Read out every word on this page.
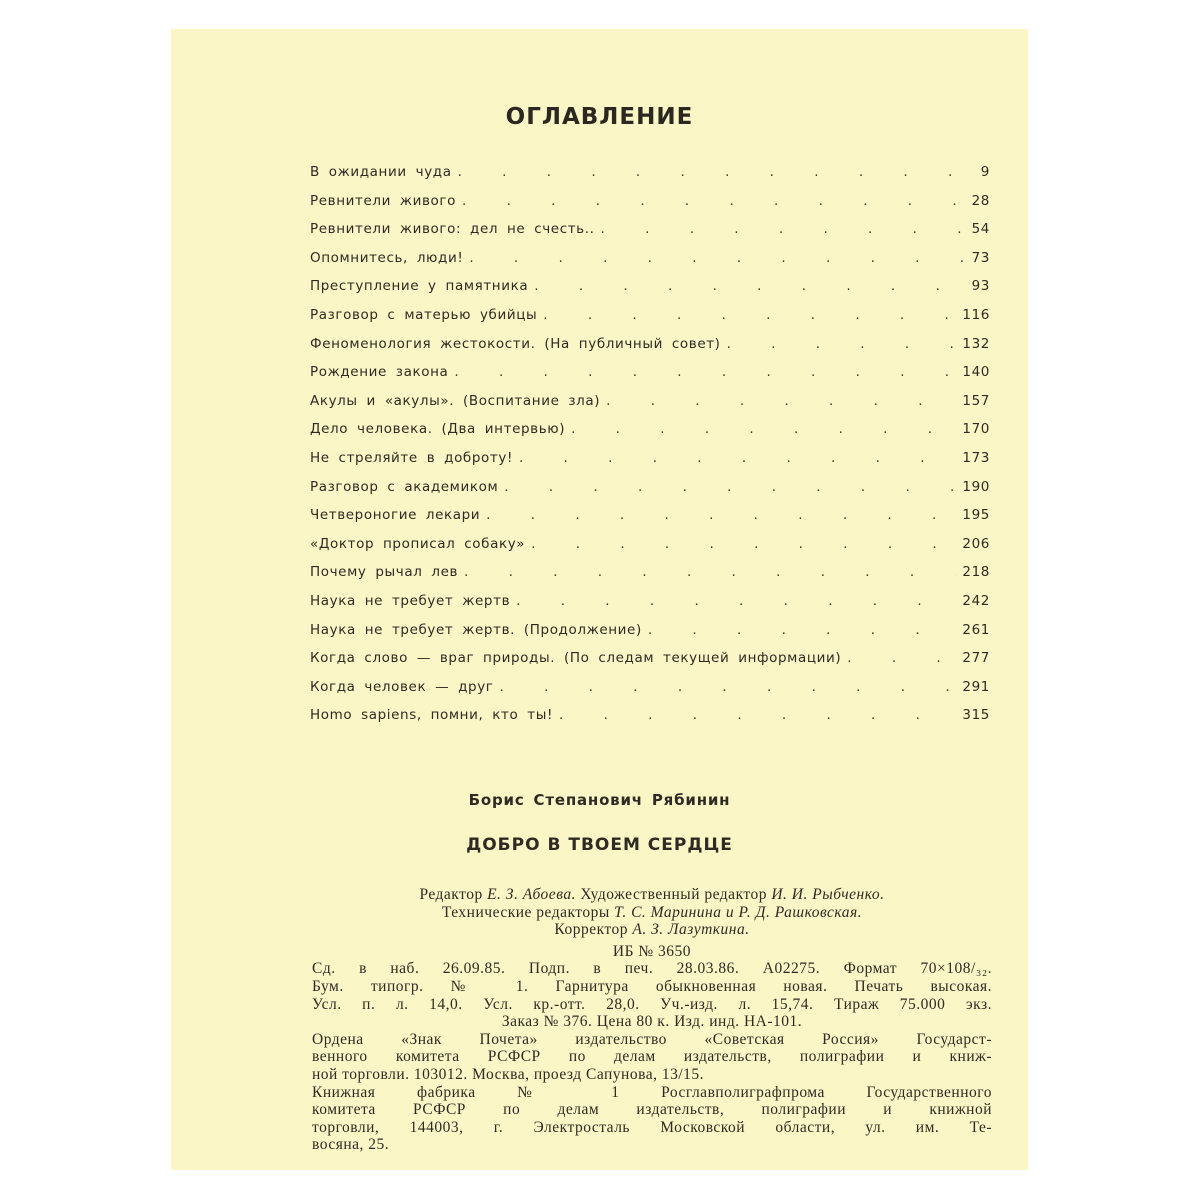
ОГЛАВЛЕНИЕ
В ожидании чуда . . .	9
Ревнители живого . . .	28
Ревнители живого: дел не счесть.. . . .	54
Опомнитесь, люди! . . .	73
Преступление у памятника . . .	93
Разговор с матерью убийцы . . .	116
Феноменология жестокости. (На публичный совет) . . .	132
Рождение закона . . .	140
Акулы и «акулы». (Воспитание зла) . . .	157
Дело человека. (Два интервью) . . .	170
Не стреляйте в доброту! . . .	173
Разговор с академиком . . .	190
Четвероногие лекари . . .	195
«Доктор прописал собаку» . . .	206
Почему рычал лев . . .	218
Наука не требует жертв . . .	242
Наука не требует жертв. (Продолжение) . . .	261
Когда слово — враг природы. (По следам текущей информации) . . .	277
Когда человек — друг . . .	291
Homo sapiens, помни, кто ты! . . .	315

Борис Степанович Рябинин

ДОБРО В ТВОЕМ СЕРДЦЕ

Редактор Е. З. Абоева. Художественный редактор И. И. Рыбченко.

Технические редакторы Т. С. Маринина и Р. Д. Рашковская.

Корректор А. З. Лазуткина.

ИБ № 3650

Сд. в наб. 26.09.85. Подп. в печ. 28.03.86. А02275. Формат 70×108/₃₂.

Бум. типогр. № 1. Гарнитура обыкновенная новая. Печать высокая.

Усл. п. л. 14,0. Усл. кр.-отт. 28,0. Уч.-изд. л. 15,74. Тираж 75.000 экз.

Заказ № 376. Цена 80 к. Изд. инд. НА-101.

Ордена «Знак Почета» издательство «Советская Россия» Государст-

венного комитета РСФСР по делам издательств, полиграфии и книж-

ной торговли. 103012. Москва, проезд Сапунова, 13/15.

Книжная фабрика № 1 Росглавполиграфпрома Государственного

комитета РСФСР по делам издательств, полиграфии и книжной

торговли, 144003, г. Электросталь Московской области, ул. им. Те-

восяна, 25.
